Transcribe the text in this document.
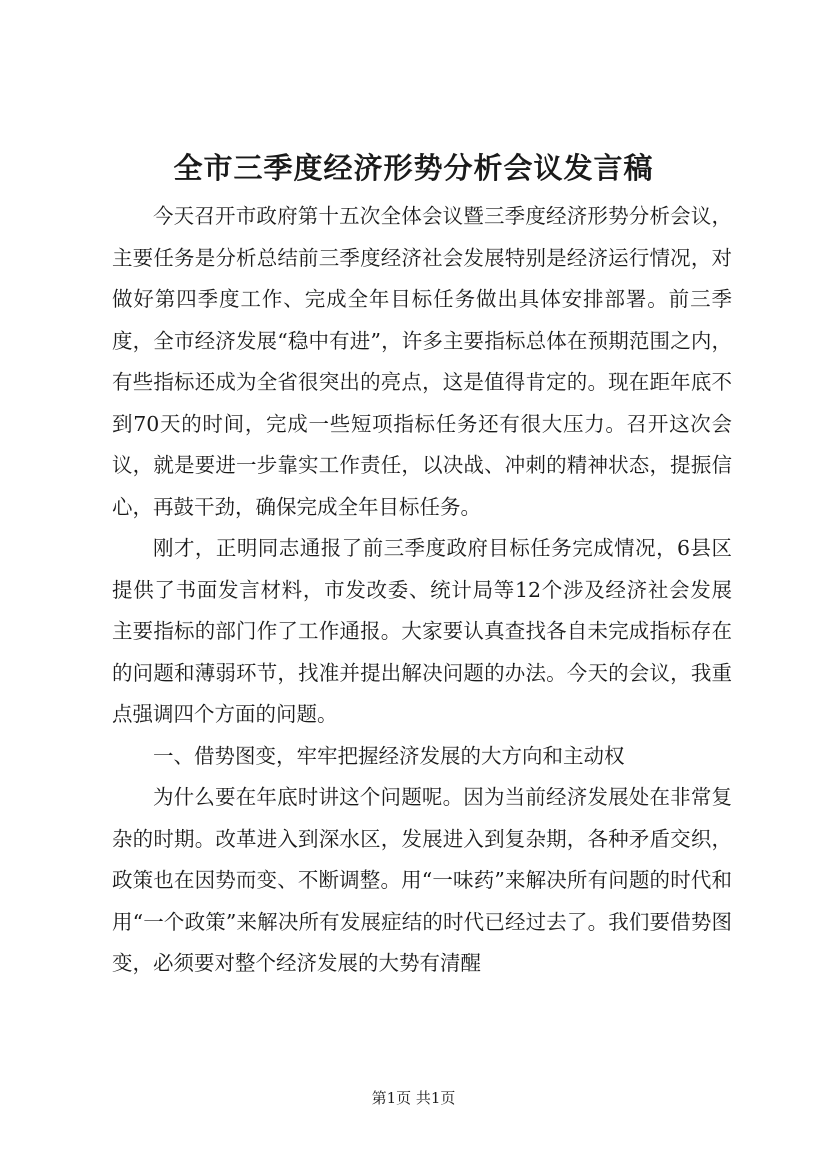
全市三季度经济形势分析会议发言稿

今天召开市政府第十五次全体会议暨三季度经济形势分析会议，主要任务是分析总结前三季度经济社会发展特别是经济运行情况，对做好第四季度工作、完成全年目标任务做出具体安排部署。前三季度，全市经济发展“稳中有进”，许多主要指标总体在预期范围之内，有些指标还成为全省很突出的亮点，这是值得肯定的。现在距年底不到70天的时间，完成一些短项指标任务还有很大压力。召开这次会议，就是要进一步靠实工作责任，以决战、冲刺的精神状态，提振信心，再鼓干劲，确保完成全年目标任务。

刚才，正明同志通报了前三季度政府目标任务完成情况，6县区提供了书面发言材料，市发改委、统计局等12个涉及经济社会发展主要指标的部门作了工作通报。大家要认真查找各自未完成指标存在的问题和薄弱环节，找准并提出解决问题的办法。今天的会议，我重点强调四个方面的问题。

一、借势图变，牢牢把握经济发展的大方向和主动权

为什么要在年底时讲这个问题呢。因为当前经济发展处在非常复杂的时期。改革进入到深水区，发展进入到复杂期，各种矛盾交织，政策也在因势而变、不断调整。用“一味药”来解决所有问题的时代和用“一个政策”来解决所有发展症结的时代已经过去了。我们要借势图变，必须要对整个经济发展的大势有清醒

第1页 共1页
